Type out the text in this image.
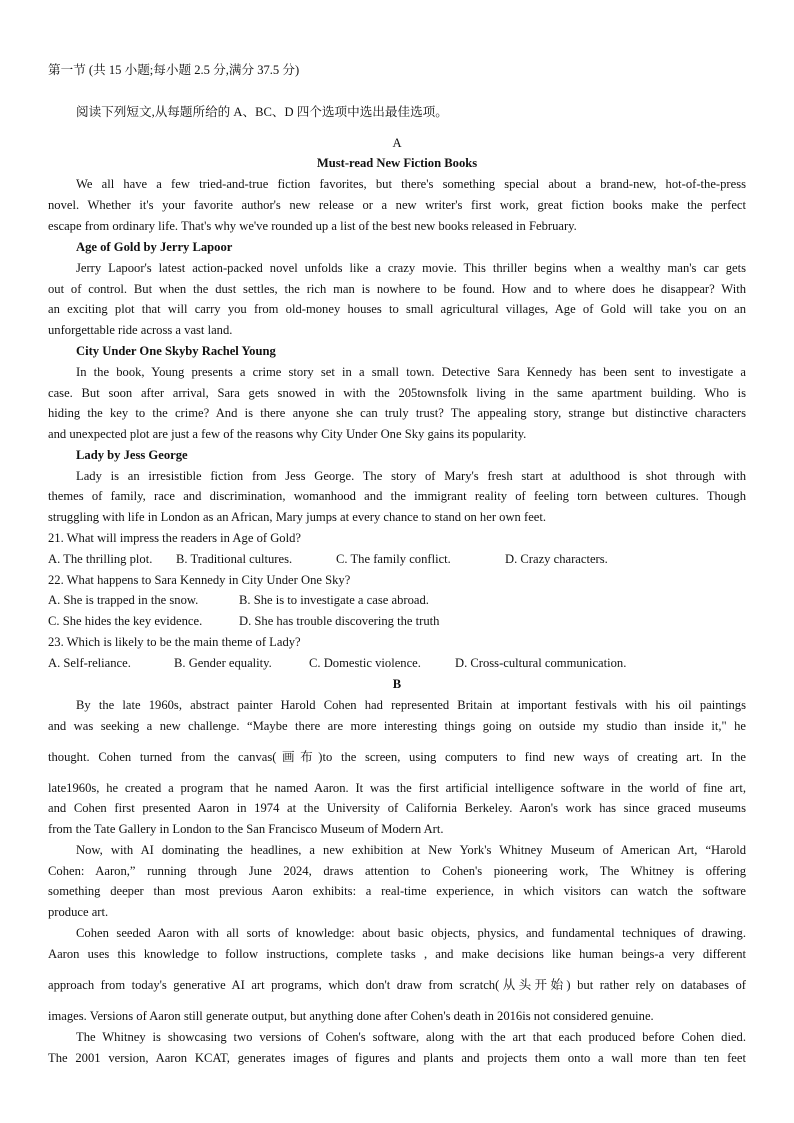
第一节 (共 15 小题;每小题 2.5 分,满分 37.5 分)
阅读下列短文,从每题所给的 A、BC、D 四个选项中选出最佳选项。
A
Must-read New Fiction Books
We all have a few tried-and-true fiction favorites, but there's something special about a brand-new, hot-of-the-press
novel. Whether it's your favorite author's new release or a new writer's first work, great fiction books make the perfect
escape from ordinary life. That's why we've rounded up a list of the best new books released in February.
Age of Gold by Jerry Lapoor
Jerry Lapoor's latest action-packed novel unfolds like a crazy movie. This thriller begins when a wealthy man's car gets
out of control. But when the dust settles, the rich man is nowhere to be found. How and to where does he disappear? With
an exciting plot that will carry you from old-money houses to small agricultural villages, Age of Gold will take you on an
unforgettable ride across a vast land.
City Under One Skyby Rachel Young
In the book, Young presents a crime story set in a small town. Detective Sara Kennedy has been sent to investigate a
case. But soon after arrival, Sara gets snowed in with the 205townsfolk living in the same apartment building. Who is
hiding the key to the crime? And is there anyone she can truly trust? The appealing story, strange but distinctive characters
and unexpected plot are just a few of the reasons why City Under One Sky gains its popularity.
Lady by Jess George
Lady is an irresistible fiction from Jess George. The story of Mary's fresh start at adulthood is shot through with
themes of family, race and discrimination, womanhood and the immigrant reality of feeling torn between cultures. Though
struggling with life in London as an African, Mary jumps at every chance to stand on her own feet.
21. What will impress the readers in Age of Gold?
A. The thrilling plot. B. Traditional cultures.	C. The family conflict.	D. Crazy characters.
22. What happens to Sara Kennedy in City Under One Sky?
A. She is trapped in the snow.	B. She is to investigate a case abroad.
C. She hides the key evidence.	D. She has trouble discovering the truth
23. Which is likely to be the main theme of Lady?
A. Self-reliance.	B. Gender equality.	C. Domestic violence.	D. Cross-cultural communication.
B
By the late 1960s, abstract painter Harold Cohen had represented Britain at important festivals with his oil paintings
and was seeking a new challenge. “Maybe there are more interesting things going on outside my studio than inside it," he
thought. Cohen turned from the canvas(画布)to the screen, using computers to find new ways of creating art. In the
late1960s, he created a program that he named Aaron. It was the first artificial intelligence software in the world of fine art,
and Cohen first presented Aaron in 1974 at the University of California Berkeley. Aaron's work has since graced museums
from the Tate Gallery in London to the San Francisco Museum of Modern Art.
Now, with AI dominating the headlines, a new exhibition at New York's Whitney Museum of American Art, “Harold
Cohen: Aaron,” running through June 2024, draws attention to Cohen's pioneering work, The Whitney is offering
something deeper than most previous Aaron exhibits: a real-time experience, in which visitors can watch the software
produce art.
Cohen seeded Aaron with all sorts of knowledge: about basic objects, physics, and fundamental techniques of drawing.
Aaron uses this knowledge to follow instructions, complete tasks , and make decisions like human beings-a very different
approach from today's generative AI art programs, which don't draw from scratch(从头开始) but rather rely on databases of
images. Versions of Aaron still generate output, but anything done after Cohen's death in 2016is not considered genuine.
The Whitney is showcasing two versions of Cohen's software, along with the art that each produced before Cohen died.
The 2001 version, Aaron KCAT, generates images of figures and plants and projects them onto a wall more than ten feet
